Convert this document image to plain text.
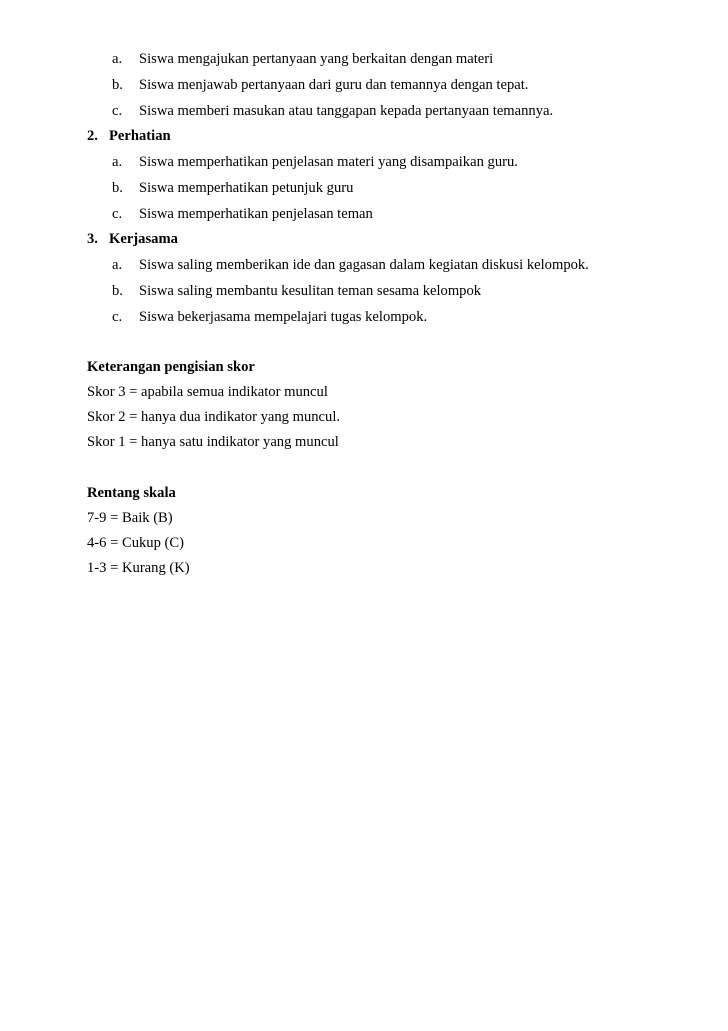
a. Siswa mengajukan pertanyaan yang berkaitan dengan materi
b. Siswa menjawab pertanyaan dari guru dan temannya dengan tepat.
c. Siswa memberi masukan atau tanggapan kepada pertanyaan temannya.
2. Perhatian
a. Siswa memperhatikan penjelasan materi yang disampaikan guru.
b. Siswa memperhatikan petunjuk guru
c. Siswa memperhatikan penjelasan teman
3. Kerjasama
a. Siswa saling memberikan ide dan gagasan dalam kegiatan diskusi kelompok.
b. Siswa saling membantu kesulitan teman sesama kelompok
c. Siswa bekerjasama mempelajari tugas kelompok.
Keterangan pengisian skor
Skor 3 = apabila semua indikator muncul
Skor 2 = hanya dua indikator yang muncul.
Skor 1 = hanya satu indikator yang muncul
Rentang skala
7-9 = Baik (B)
4-6 = Cukup (C)
1-3 = Kurang (K)
